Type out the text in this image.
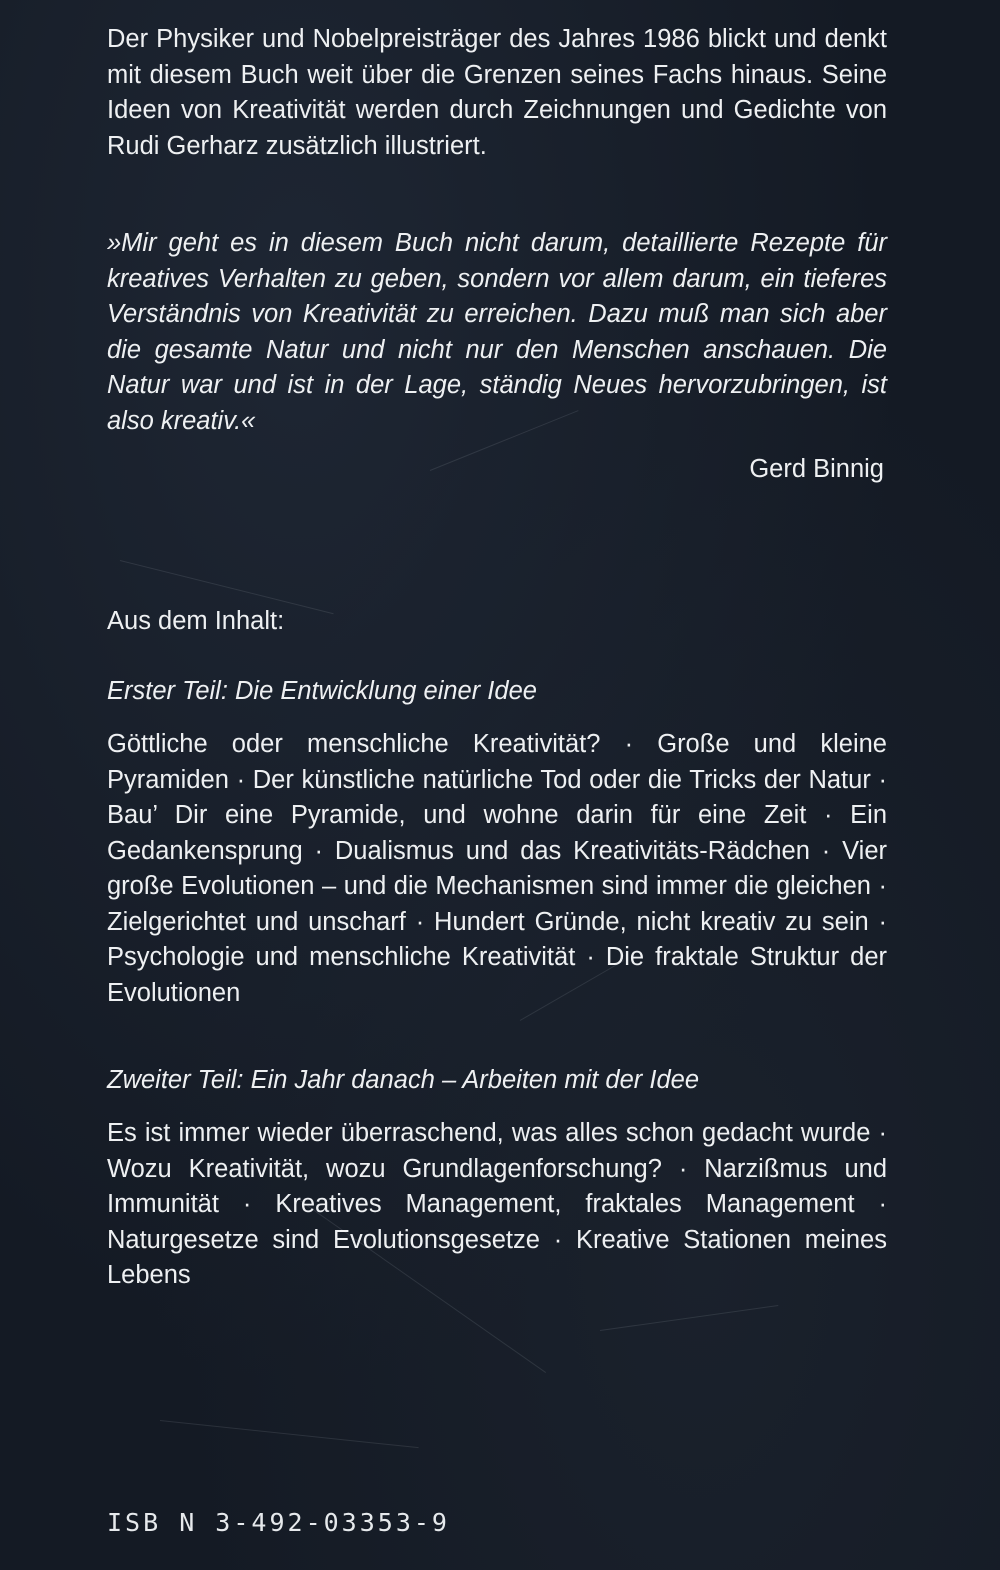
Der Physiker und Nobelpreisträger des Jahres 1986 blickt und denkt mit diesem Buch weit über die Grenzen seines Fachs hinaus. Seine Ideen von Kreativität werden durch Zeichnungen und Gedichte von Rudi Gerharz zusätzlich illustriert.

»Mir geht es in diesem Buch nicht darum, detaillierte Rezepte für kreatives Verhalten zu geben, sondern vor allem darum, ein tieferes Verständnis von Kreativität zu erreichen. Dazu muß man sich aber die gesamte Natur und nicht nur den Menschen anschauen. Die Natur war und ist in der Lage, ständig Neues hervorzubringen, ist also kreativ.«

Gerd Binnig
Aus dem Inhalt:
Erster Teil: Die Entwicklung einer Idee

Göttliche oder menschliche Kreativität? · Große und kleine Pyramiden · Der künstliche natürliche Tod oder die Tricks der Natur · Bau’ Dir eine Pyramide, und wohne darin für eine Zeit · Ein Gedankensprung · Dualismus und das Kreativitäts-Rädchen · Vier große Evolutionen – und die Mechanismen sind immer die gleichen · Zielgerichtet und unscharf · Hundert Gründe, nicht kreativ zu sein · Psychologie und menschliche Kreativität · Die fraktale Struktur der Evolutionen

Zweiter Teil: Ein Jahr danach – Arbeiten mit der Idee

Es ist immer wieder überraschend, was alles schon gedacht wurde · Wozu Kreativität, wozu Grundlagenforschung? · Narzißmus und Immunität · Kreatives Management, fraktales Management · Naturgesetze sind Evolutionsgesetze · Kreative Stationen meines Lebens

ISB N 3-492-03353-9
